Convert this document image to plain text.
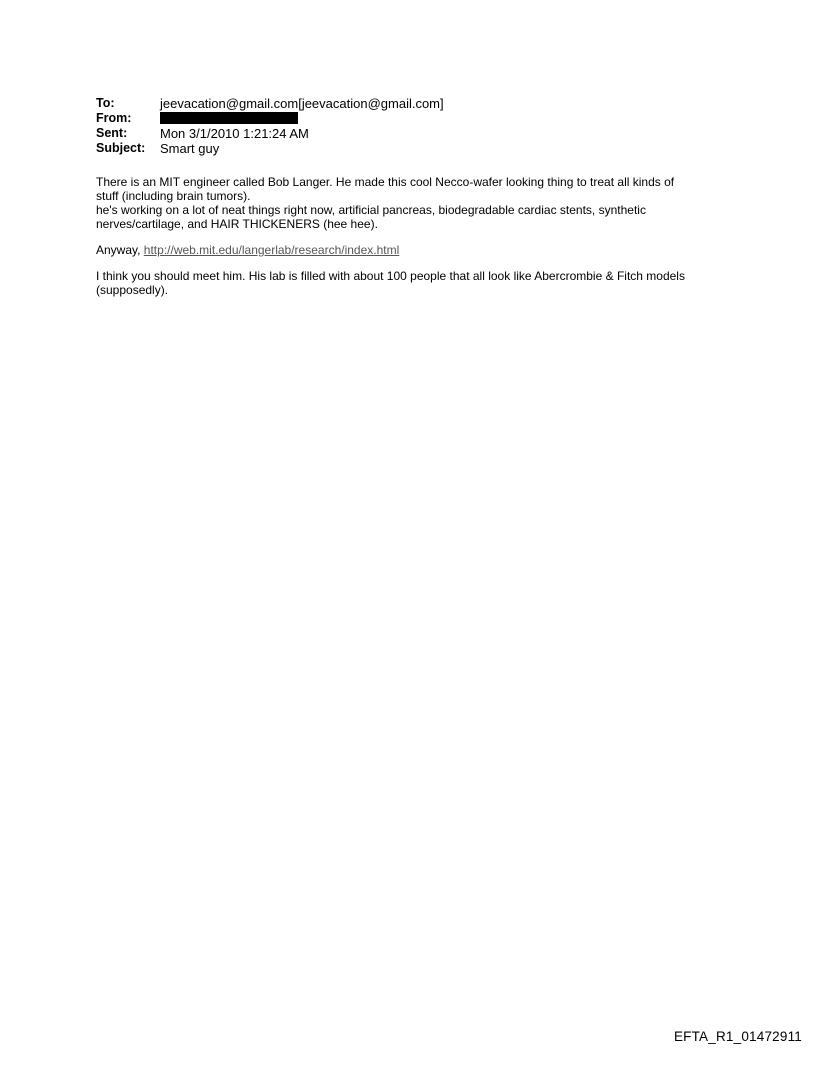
To:	jeevacation@gmail.com[jeevacation@gmail.com]
From:
Sent:	Mon 3/1/2010 1:21:24 AM
Subject:	Smart guy

There is an MIT engineer called Bob Langer. He made this cool Necco-wafer looking thing to treat all kinds of

stuff (including brain tumors).

he's working on a lot of neat things right now, artificial pancreas, biodegradable cardiac stents, synthetic

nerves/cartilage, and HAIR THICKENERS (hee hee).

Anyway, http://web.mit.edu/langerlab/research/index.html

I think you should meet him. His lab is filled with about 100 people that all look like Abercrombie & Fitch models

(supposedly).

EFTA_R1_01472911
